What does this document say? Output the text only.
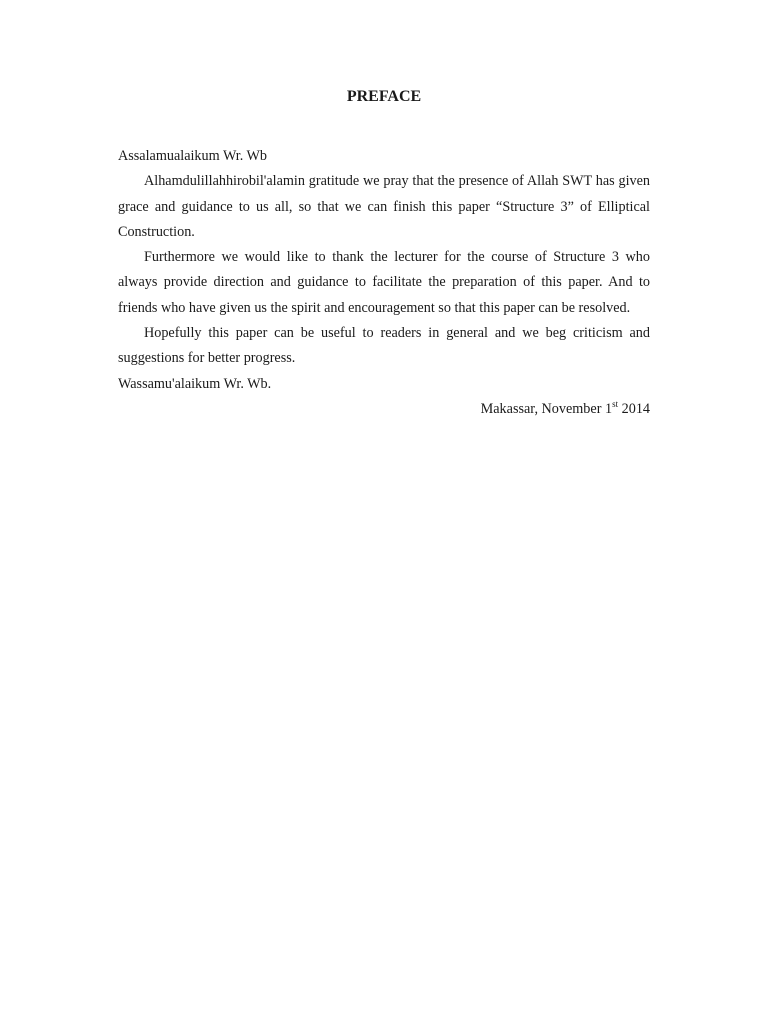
PREFACE

Assalamualaikum Wr. Wb

Alhamdulillahhirobil'alamin gratitude we pray that the presence of Allah SWT has given grace and guidance to us all, so that we can finish this paper “Structure 3” of Elliptical Construction.

Furthermore we would like to thank the lecturer for the course of Structure 3 who always provide direction and guidance to facilitate the preparation of this paper. And to friends who have given us the spirit and encouragement so that this paper can be resolved.

Hopefully this paper can be useful to readers in general and we beg criticism and suggestions for better progress.

Wassamu'alaikum Wr. Wb.

Makassar, November 1st 2014
